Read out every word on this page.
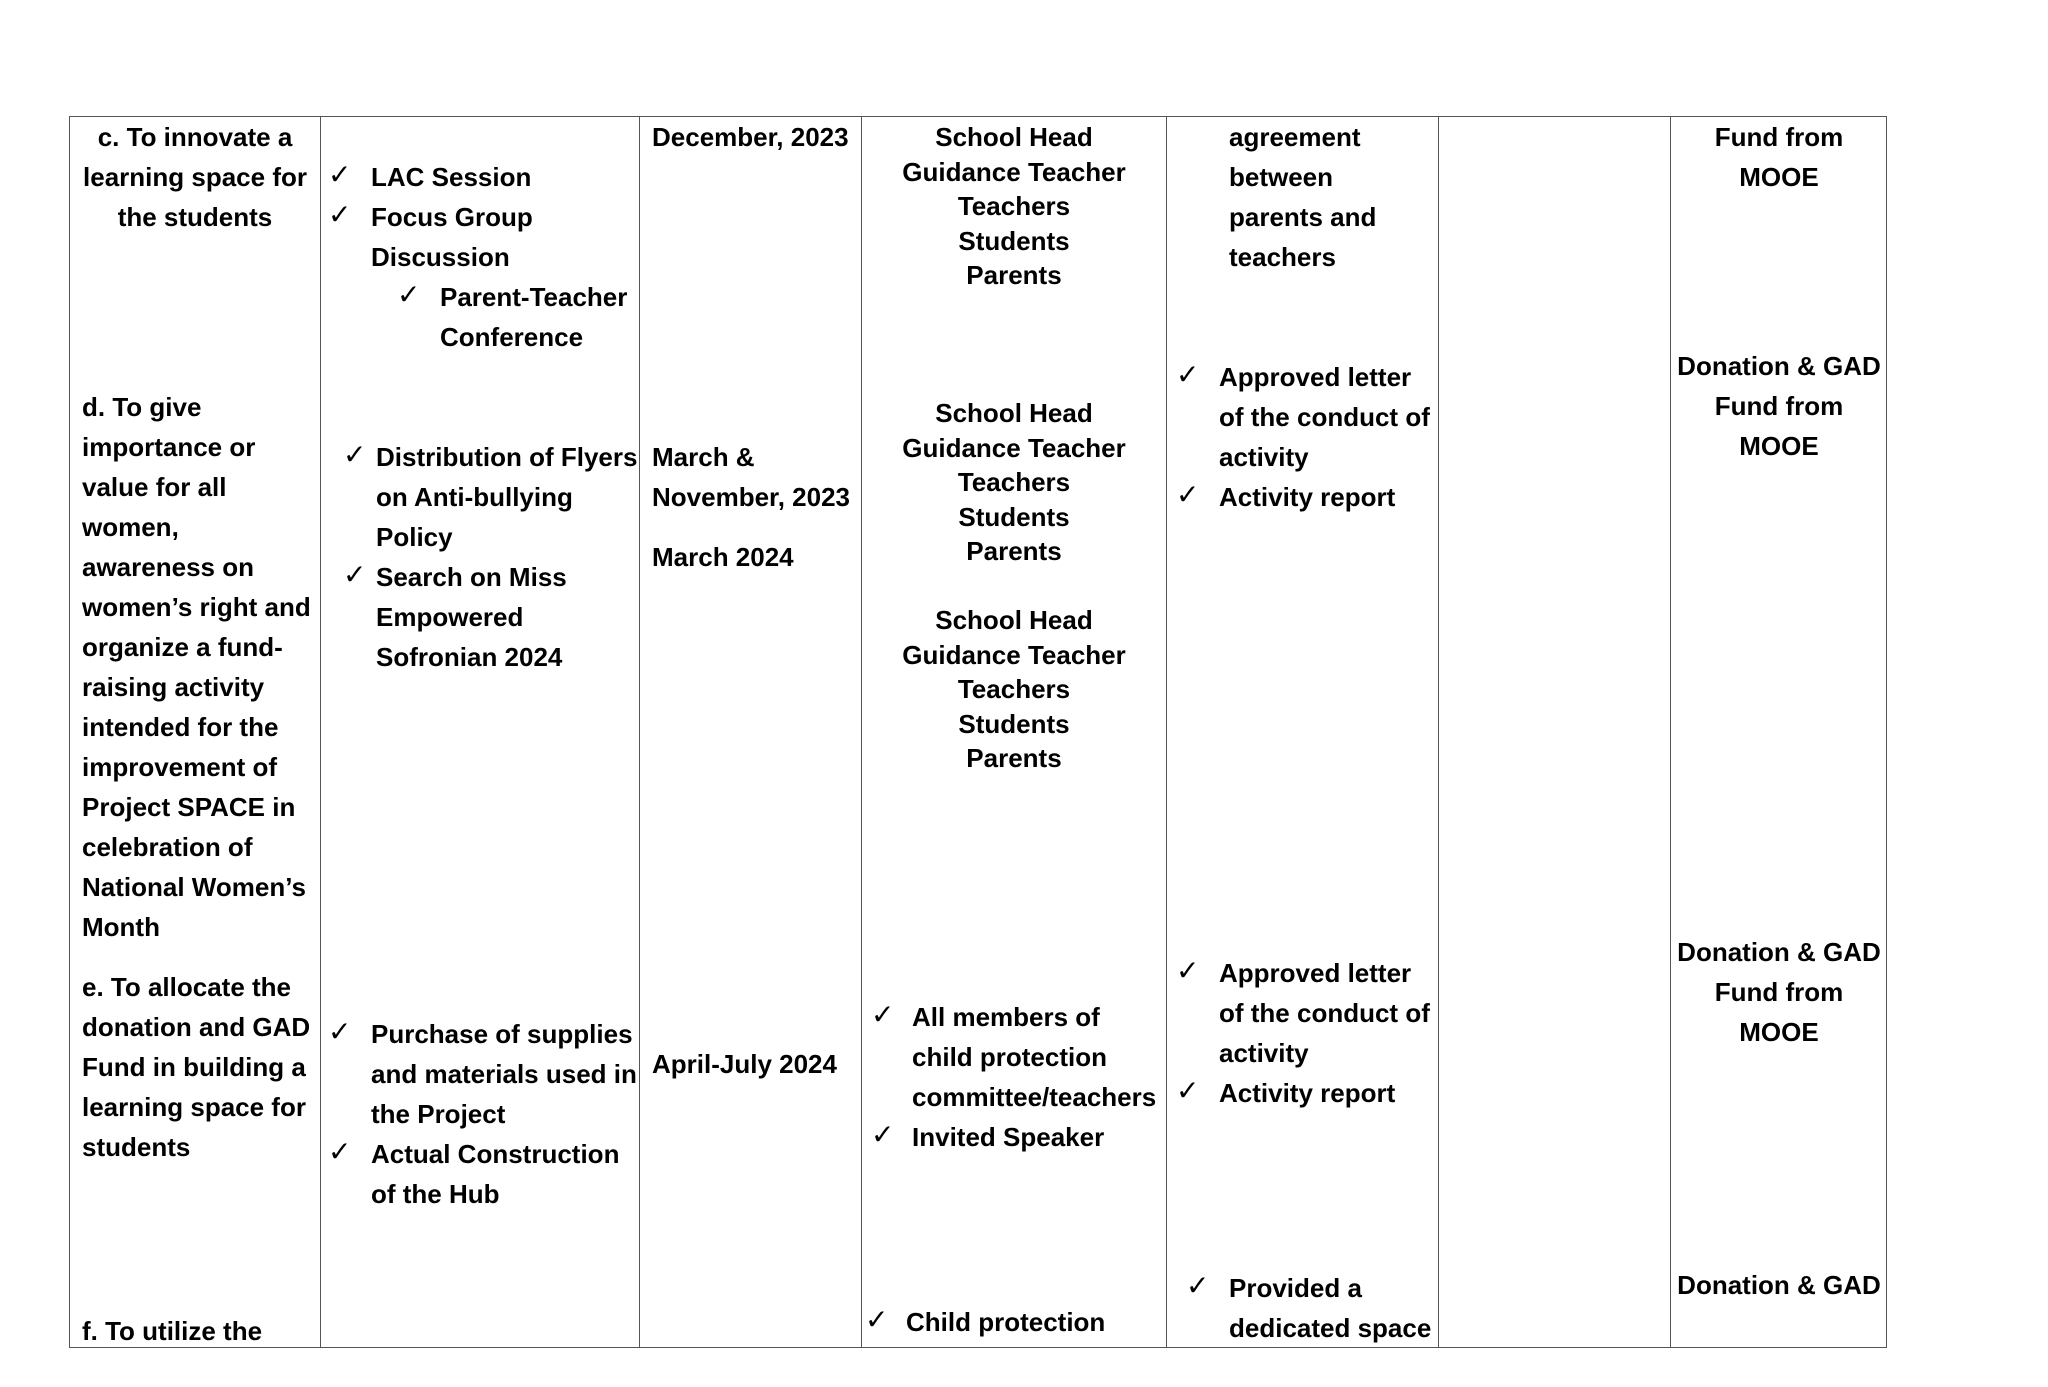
c. To innovate a
learning space for
the students
✓ LAC Session
✓ Focus Group
Discussion
✓ Parent-Teacher
Conference
December, 2023	School Head
Guidance Teacher
Teachers
Students
Parents
agreement
between
parents and
teachers
Fund from
MOOE
d. To give
importance or
value for all
women,
awareness on
women’s right and
organize a fund-
raising activity
intended for the
improvement of
Project SPACE in
celebration of
National Women’s
Month
✓ Distribution of Flyers
on Anti-bullying
Policy
✓ Search on Miss
Empowered
Sofronian 2024
March &
November, 2023
March 2024
School Head
Guidance Teacher
Teachers
Students
Parents
School Head
Guidance Teacher
Teachers
Students
Parents
✓ Approved letter
of the conduct of
activity
✓ Activity report
Donation & GAD
Fund from
MOOE
e. To allocate the
donation and GAD
Fund in building a
learning space for
students
✓ Purchase of supplies
and materials used in
the Project
✓ Actual Construction
of the Hub
April-July 2024
✓ All members of
child protection
committee/teachers
✓ Invited Speaker
✓ Approved letter
of the conduct of
activity
✓ Activity report
Donation & GAD
Fund from
MOOE
f. To utilize the	✓ Child protection
✓ Provided a
dedicated space
Donation & GAD
